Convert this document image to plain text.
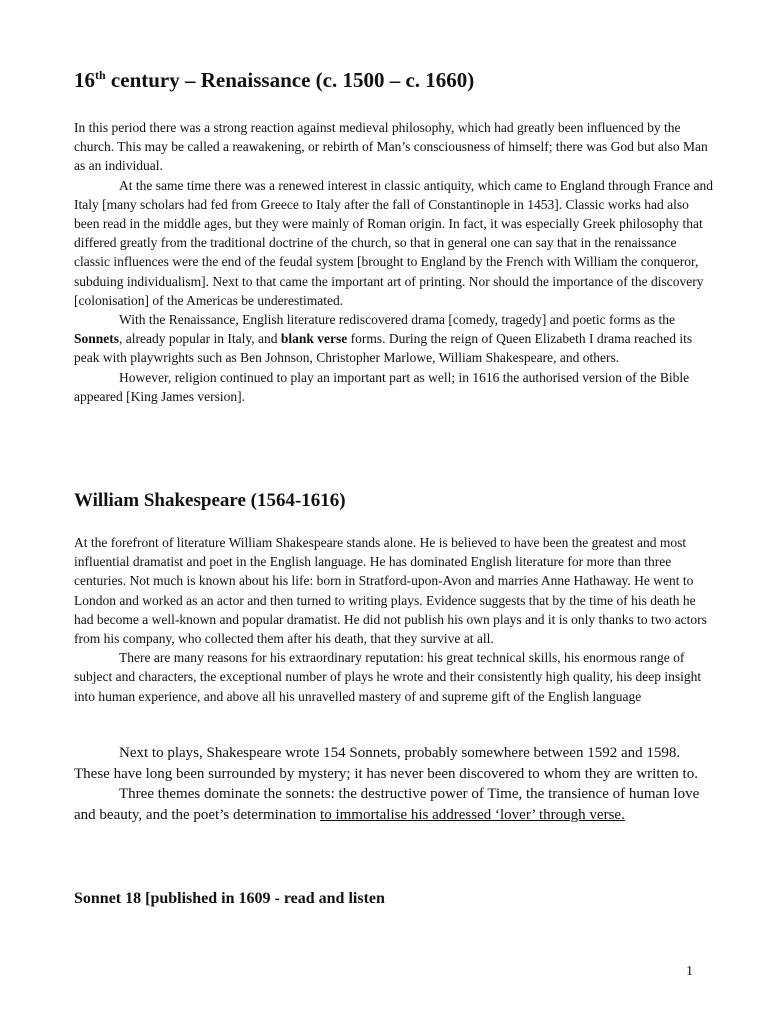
16th century – Renaissance (c. 1500 – c. 1660)

In this period there was a strong reaction against medieval philosophy, which had greatly been influenced by the church. This may be called a reawakening, or rebirth of Man’s consciousness of himself; there was God but also Man as an individual.

At the same time there was a renewed interest in classic antiquity, which came to England through France and Italy [many scholars had fed from Greece to Italy after the fall of Constantinople in 1453]. Classic works had also been read in the middle ages, but they were mainly of Roman origin. In fact, it was especially Greek philosophy that differed greatly from the traditional doctrine of the church, so that in general one can say that in the renaissance classic influences were the end of the feudal system [brought to England by the French with William the conqueror, subduing individualism]. Next to that came the important art of printing. Nor should the importance of the discovery [colonisation] of the Americas be underestimated.

With the Renaissance, English literature rediscovered drama [comedy, tragedy] and poetic forms as the Sonnets, already popular in Italy, and blank verse forms. During the reign of Queen Elizabeth I drama reached its peak with playwrights such as Ben Johnson, Christopher Marlowe, William Shakespeare, and others.

However, religion continued to play an important part as well; in 1616 the authorised version of the Bible appeared [King James version].

William Shakespeare (1564-1616)

At the forefront of literature William Shakespeare stands alone. He is believed to have been the greatest and most influential dramatist and poet in the English language. He has dominated English literature for more than three centuries. Not much is known about his life: born in Stratford-upon-Avon and marries Anne Hathaway. He went to London and worked as an actor and then turned to writing plays. Evidence suggests that by the time of his death he had become a well-known and popular dramatist. He did not publish his own plays and it is only thanks to two actors from his company, who collected them after his death, that they survive at all.

There are many reasons for his extraordinary reputation: his great technical skills, his enormous range of subject and characters, the exceptional number of plays he wrote and their consistently high quality, his deep insight into human experience, and above all his unravelled mastery of and supreme gift of the English language

Next to plays, Shakespeare wrote 154 Sonnets, probably somewhere between 1592 and 1598. These have long been surrounded by mystery; it has never been discovered to whom they are written to.

Three themes dominate the sonnets: the destructive power of Time, the transience of human love and beauty, and the poet’s determination to immortalise his addressed ‘lover’ through verse.

Sonnet 18 [published in 1609 - read and listen
1
